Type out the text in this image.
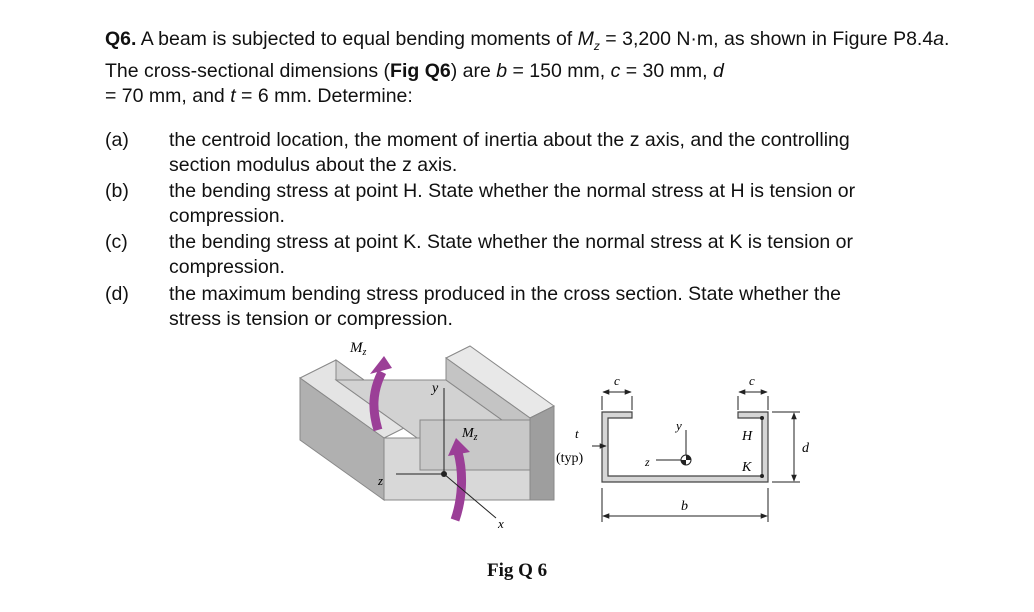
Q6. A beam is subjected to equal bending moments of $M_z = 3,200$ N·m, as shown in Figure P8.4a. The cross-sectional dimensions (Fig Q6) are b = 150 mm, c = 30 mm, d
= 70 mm, and t = 6 mm. Determine:
(a)	the centroid location, the moment of inertia about the z axis, and the controlling
section modulus about the z axis.
(b)	the bending stress at point H. State whether the normal stress at H is tension or
compression.
(c)	the bending stress at point K. State whether the normal stress at K is tension or
compression.
(d)	the maximum bending stress produced in the cross section. State whether the
stress is tension or compression.
$M_z$
$M_z$
y
z
x
c	c
t
(typ)
y
z
H
K
d
b
Fig Q 6
